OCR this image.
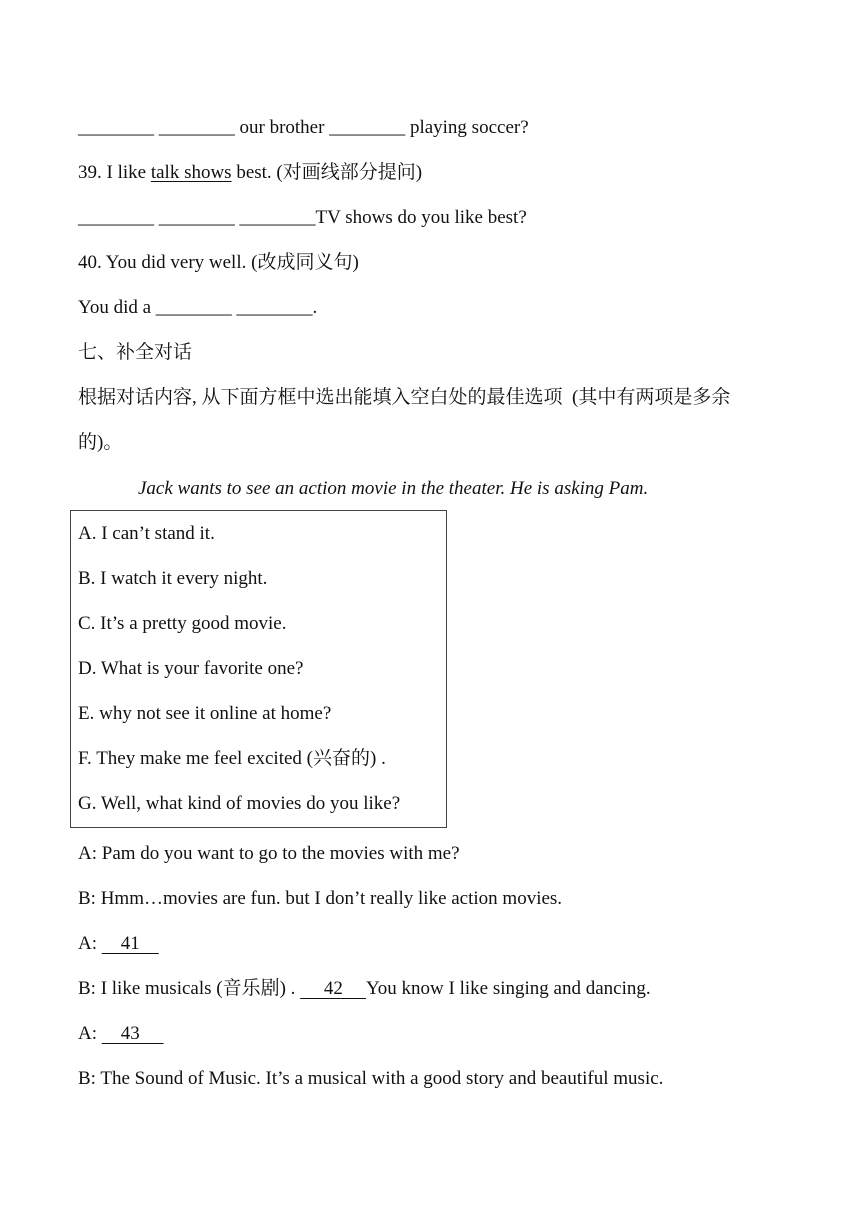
________ ________ our brother ________ playing soccer?
39. I like talk shows best. (对画线部分提问)
________ ________ ________TV shows do you like best?
40. You did very well. (改成同义句)
You did a ________ ________.
七、补全对话
根据对话内容, 从下面方框中选出能填入空白处的最佳选项  (其中有两项是多余
的)。
Jack wants to see an action movie in the theater. He is asking Pam.
A. I can’t stand it.
B. I watch it every night.
C. It’s a pretty good movie.
D. What is your favorite one?
E. why not see it online at home?
F. They make me feel excited (兴奋的) .
G. Well, what kind of movies do you like?
A: Pam do you want to go to the movies with me?
B: Hmm…movies are fun. but I don’t really like action movies.
A:     41
B: I like musicals (音乐剧) .      42     You know I like singing and dancing.
A:     43
B: The Sound of Music. It’s a musical with a good story and beautiful music.
